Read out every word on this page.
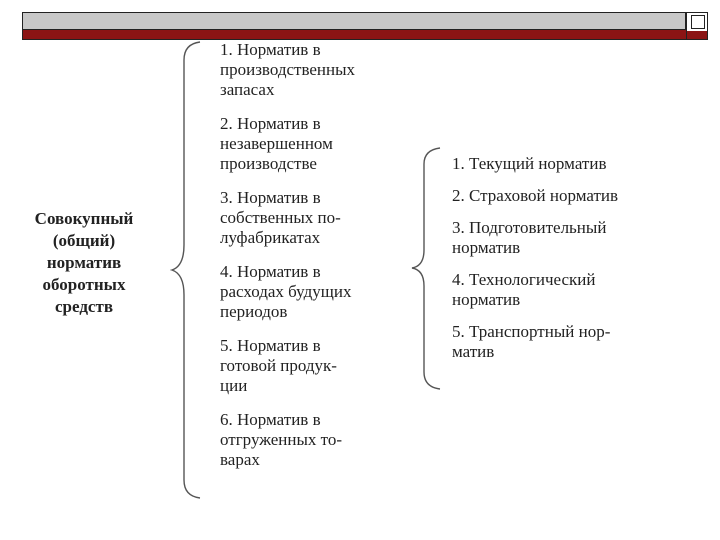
Совокупный
(общий)
норматив
оборотных
средств
1. Норматив в
производственных
запасах
2. Норматив в
незавершенном
производстве
3. Норматив в
собственных по-
луфабрикатах
4. Норматив в
расходах будущих
периодов
5. Норматив в
готовой продук-
ции
6. Норматив в
отгруженных то-
варах
1. Текущий норматив
2. Страховой норматив
3. Подготовительный
норматив
4. Технологический
норматив
5. Транспортный нор-
матив
